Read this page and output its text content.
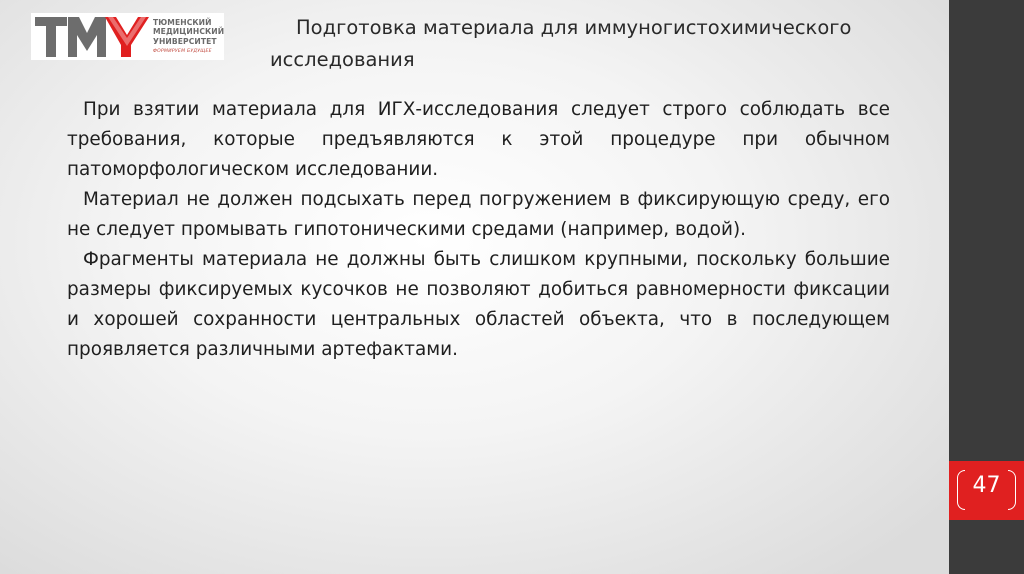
ТЮМЕНСКИЙ
МЕДИЦИНСКИЙ
УНИВЕРСИТЕТ
ФОРМИРУЕМ БУДУЩЕЕ
Подготовка материала для иммуногистохимического
исследования

При взятии материала для ИГХ-исследования следует строго соблюдать все требования, которые предъявляются к этой процедуре при обычном патоморфологическом исследовании.

Материал не должен подсыхать перед погружением в фиксирующую среду, его не следует промывать гипотоническими средами (например, водой).

Фрагменты материала не должны быть слишком крупными, поскольку большие размеры фиксируемых кусочков не позволяют добиться равномерности фиксации и хорошей сохранности центральных областей объекта, что в последующем проявляется различными артефактами.

47
